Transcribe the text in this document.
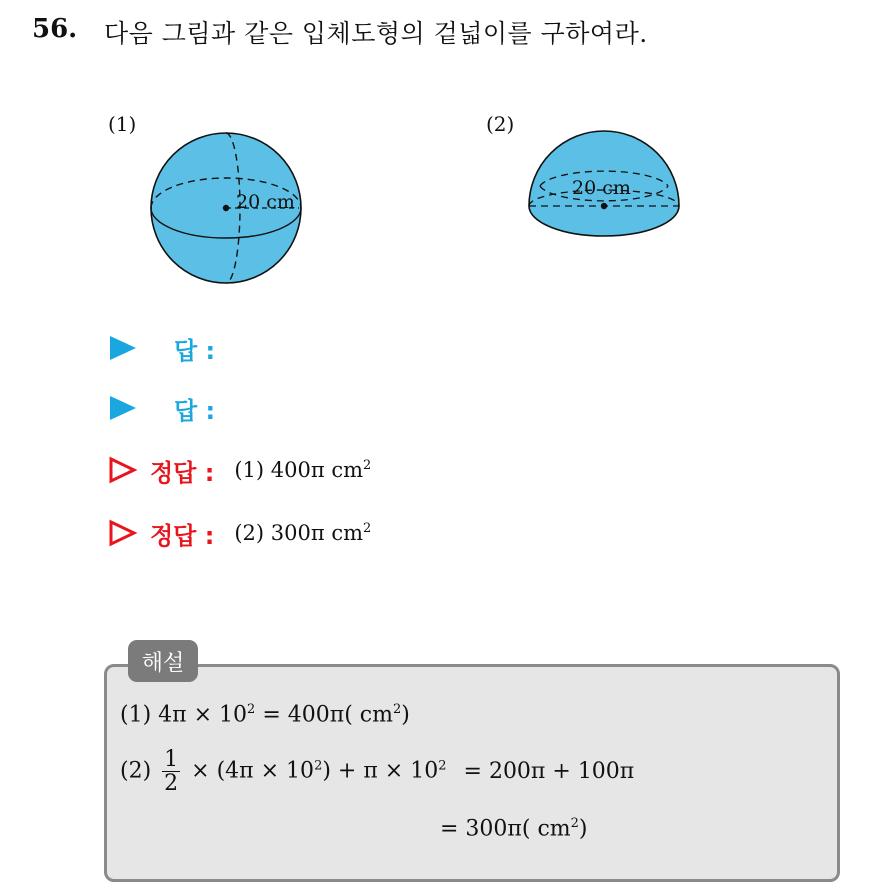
56. 다음 그림과 같은 입체도형의 겉넓이를 구하여라.
(1)
20 cm
(2)
20 cm
답 :
답 :
정답 : (1) 400π $cm^2$
정답 : (2) 300π $cm^2$
해설
(1) $4\pi \times 10^2 = 400\pi$( $cm^2$)
$(2) \frac{1}{2} \times (4\pi \times 10^2) + \pi \times 10^2 = 200\pi + 100\pi$
= 300π( $cm^2$)
